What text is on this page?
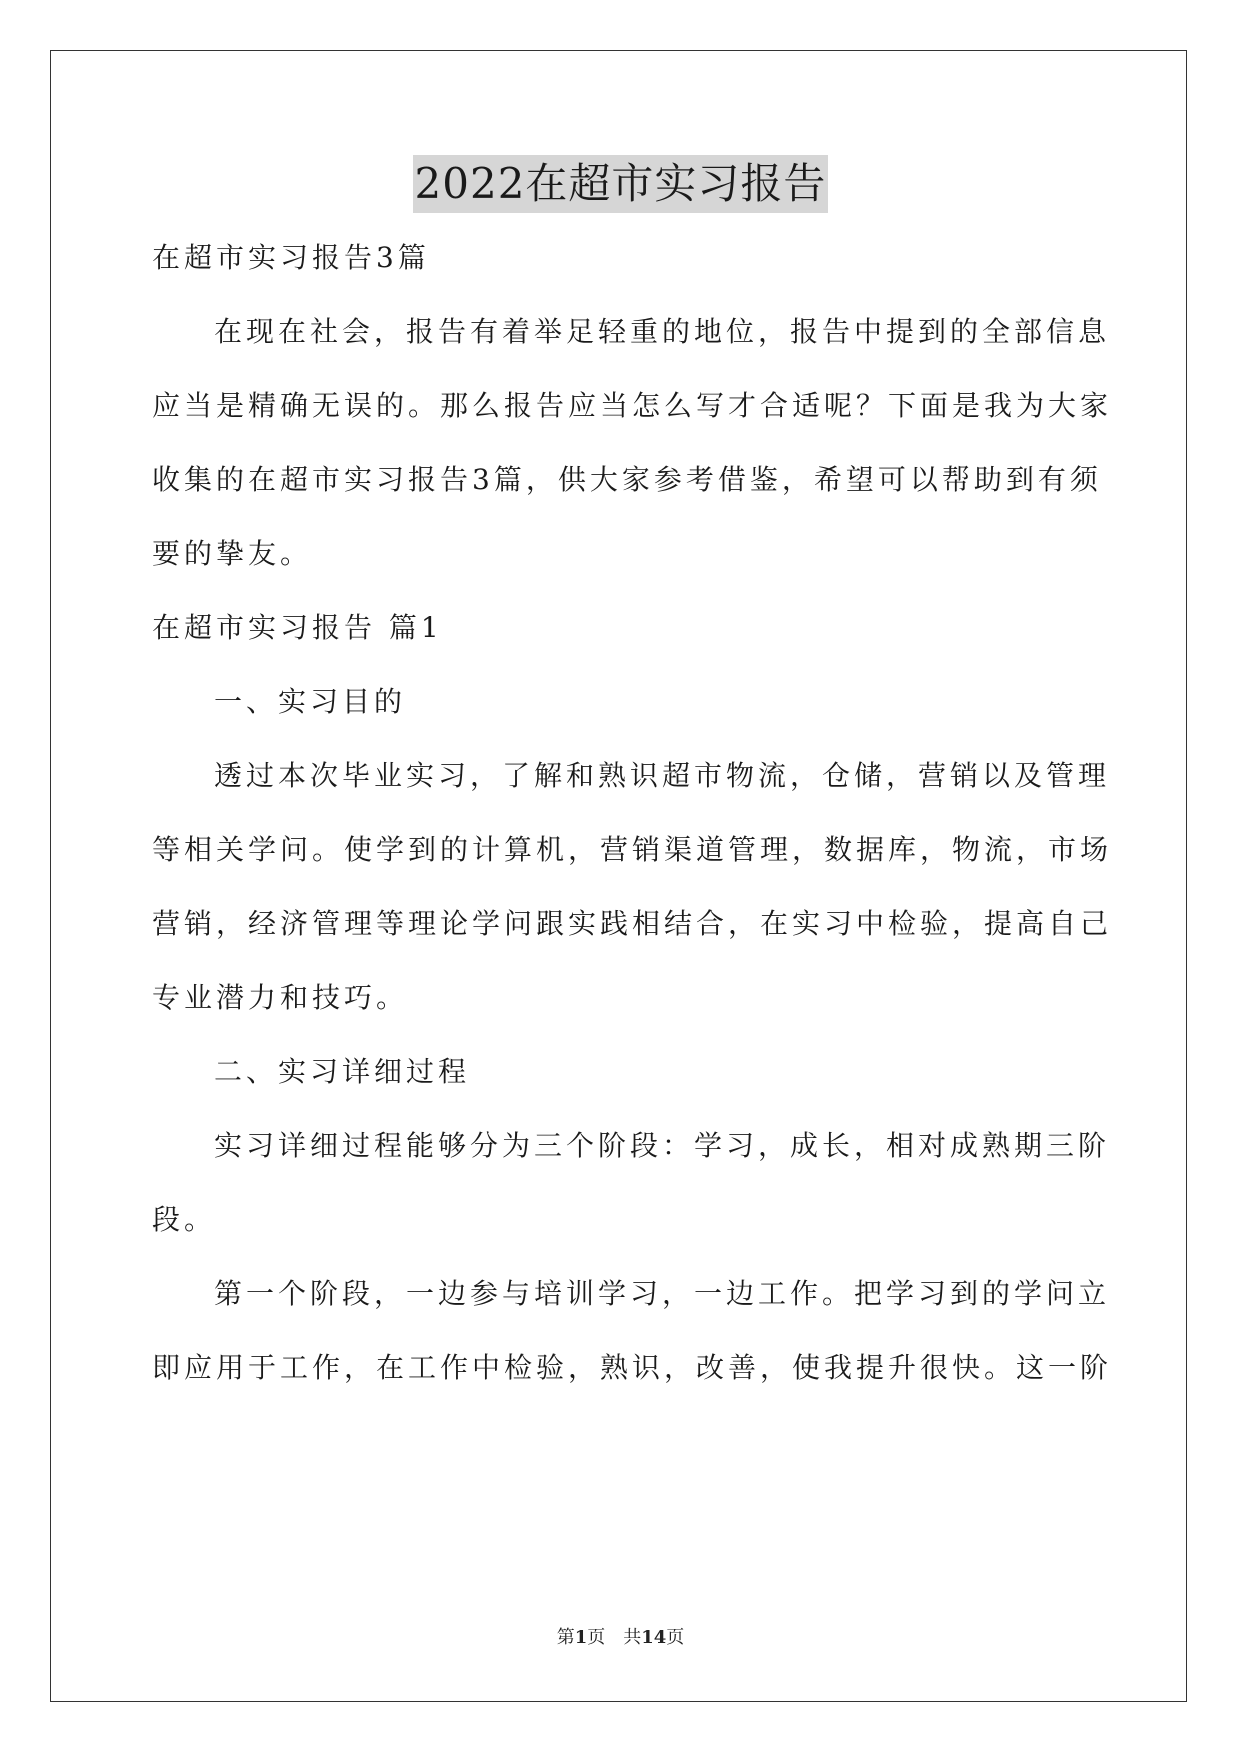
2022在超市实习报告
在超市实习报告3篇
在现在社会，报告有着举足轻重的地位，报告中提到的全部信息
应当是精确无误的。那么报告应当怎么写才合适呢？下面是我为大家
收集的在超市实习报告3篇，供大家参考借鉴，希望可以帮助到有须
要的挚友。
在超市实习报告 篇1
一、实习目的
透过本次毕业实习，了解和熟识超市物流，仓储，营销以及管理
等相关学问。使学到的计算机，营销渠道管理，数据库，物流，市场
营销，经济管理等理论学问跟实践相结合，在实习中检验，提高自己
专业潜力和技巧。
二、实习详细过程
实习详细过程能够分为三个阶段：学习，成长，相对成熟期三阶
段。
第一个阶段，一边参与培训学习，一边工作。把学习到的学问立
即应用于工作，在工作中检验，熟识，改善，使我提升很快。这一阶
第1页　共14页
